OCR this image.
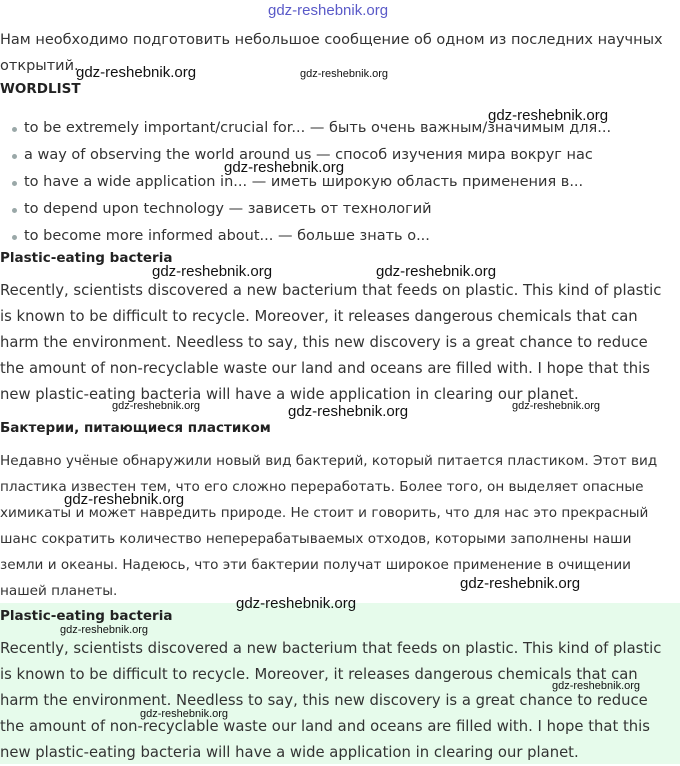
gdz-reshebnik.org

Нам необходимо подготовить небольшое сообщение об одном из последних научных открытий.

WORDLIST
to be extremely important/crucial for... — быть очень важным/значимым для...
a way of observing the world around us — способ изучения мира вокруг нас
to have a wide application in... — иметь широкую область применения в...
to depend upon technology — зависеть от технологий
to become more informed about... — больше знать о...
Plastic-eating bacteria

Recently, scientists discovered a new bacterium that feeds on plastic. This kind of plastic is known to be difficult to recycle. Moreover, it releases dangerous chemicals that can harm the environment. Needless to say, this new discovery is a great chance to reduce the amount of non-recyclable waste our land and oceans are filled with. I hope that this new plastic-eating bacteria will have a wide application in clearing our planet.

Бактерии, питающиеся пластиком

Недавно учёные обнаружили новый вид бактерий, который питается пластиком. Этот вид пластика известен тем, что его сложно переработать. Более того, он выделяет опасные химикаты и может навредить природе. Не стоит и говорить, что для нас это прекрасный шанс сократить количество неперерабатываемых отходов, которыми заполнены наши земли и океаны. Надеюсь, что эти бактерии получат широкое применение в очищении нашей планеты.

Plastic-eating bacteria

Recently, scientists discovered a new bacterium that feeds on plastic. This kind of plastic is known to be difficult to recycle. Moreover, it releases dangerous chemicals that can harm the environment. Needless to say, this new discovery is a great chance to reduce the amount of non-recyclable waste our land and oceans are filled with. I hope that this new plastic-eating bacteria will have a wide application in clearing our planet.

gdz-reshebnik.org	gdz-reshebnik.org
gdz-reshebnik.org
gdz-reshebnik.org
gdz-reshebnik.org	gdz-reshebnik.org
gdz-reshebnik.org	gdz-reshebnik.org	gdz-reshebnik.org
gdz-reshebnik.org
gdz-reshebnik.org
gdz-reshebnik.org
gdz-reshebnik.org
gdz-reshebnik.org
gdz-reshebnik.org
